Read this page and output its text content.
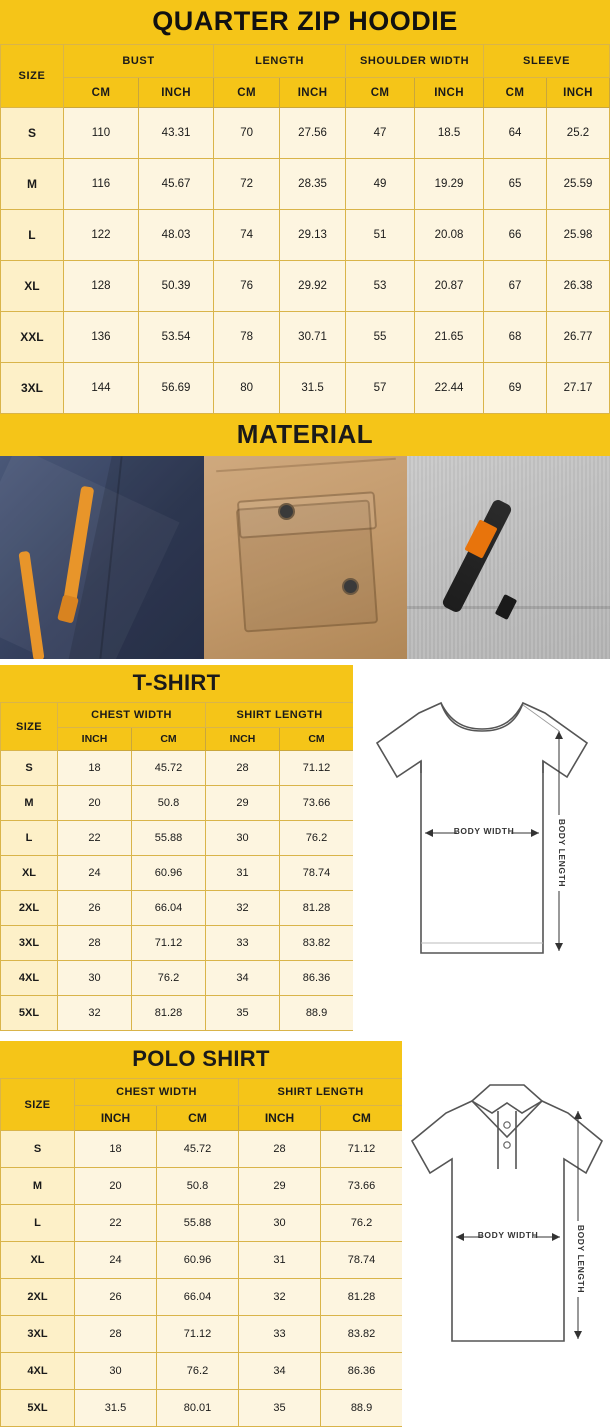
QUARTER ZIP HOODIE
SIZE	BUST		LENGTH		SHOULDER WIDTH		SLEEVE	
	CM	INCH	CM	INCH	CM	INCH	CM	INCH
S	110	43.31	70	27.56	47	18.5	64	25.2
M	116	45.67	72	28.35	49	19.29	65	25.59
L	122	48.03	74	29.13	51	20.08	66	25.98
XL	128	50.39	76	29.92	53	20.87	67	26.38
XXL	136	53.54	78	30.71	55	21.65	68	26.77
3XL	144	56.69	80	31.5	57	22.44	69	27.17
MATERIAL
T-SHIRT
SIZE	CHEST WIDTH		SHIRT LENGTH	
	INCH	CM	INCH	CM
S	18	45.72	28	71.12
M	20	50.8	29	73.66
L	22	55.88	30	76.2
XL	24	60.96	31	78.74
2XL	26	66.04	32	81.28
3XL	28	71.12	33	83.82
4XL	30	76.2	34	86.36
5XL	32	81.28	35	88.9
BODY WIDTH	BODY LENGTH
POLO SHIRT
SIZE	CHEST WIDTH		SHIRT LENGTH	
	INCH	CM	INCH	CM
S	18	45.72	28	71.12
M	20	50.8	29	73.66
L	22	55.88	30	76.2
XL	24	60.96	31	78.74
2XL	26	66.04	32	81.28
3XL	28	71.12	33	83.82
4XL	30	76.2	34	86.36
5XL	31.5	80.01	35	88.9
BODY WIDTH	BODY LENGTH
